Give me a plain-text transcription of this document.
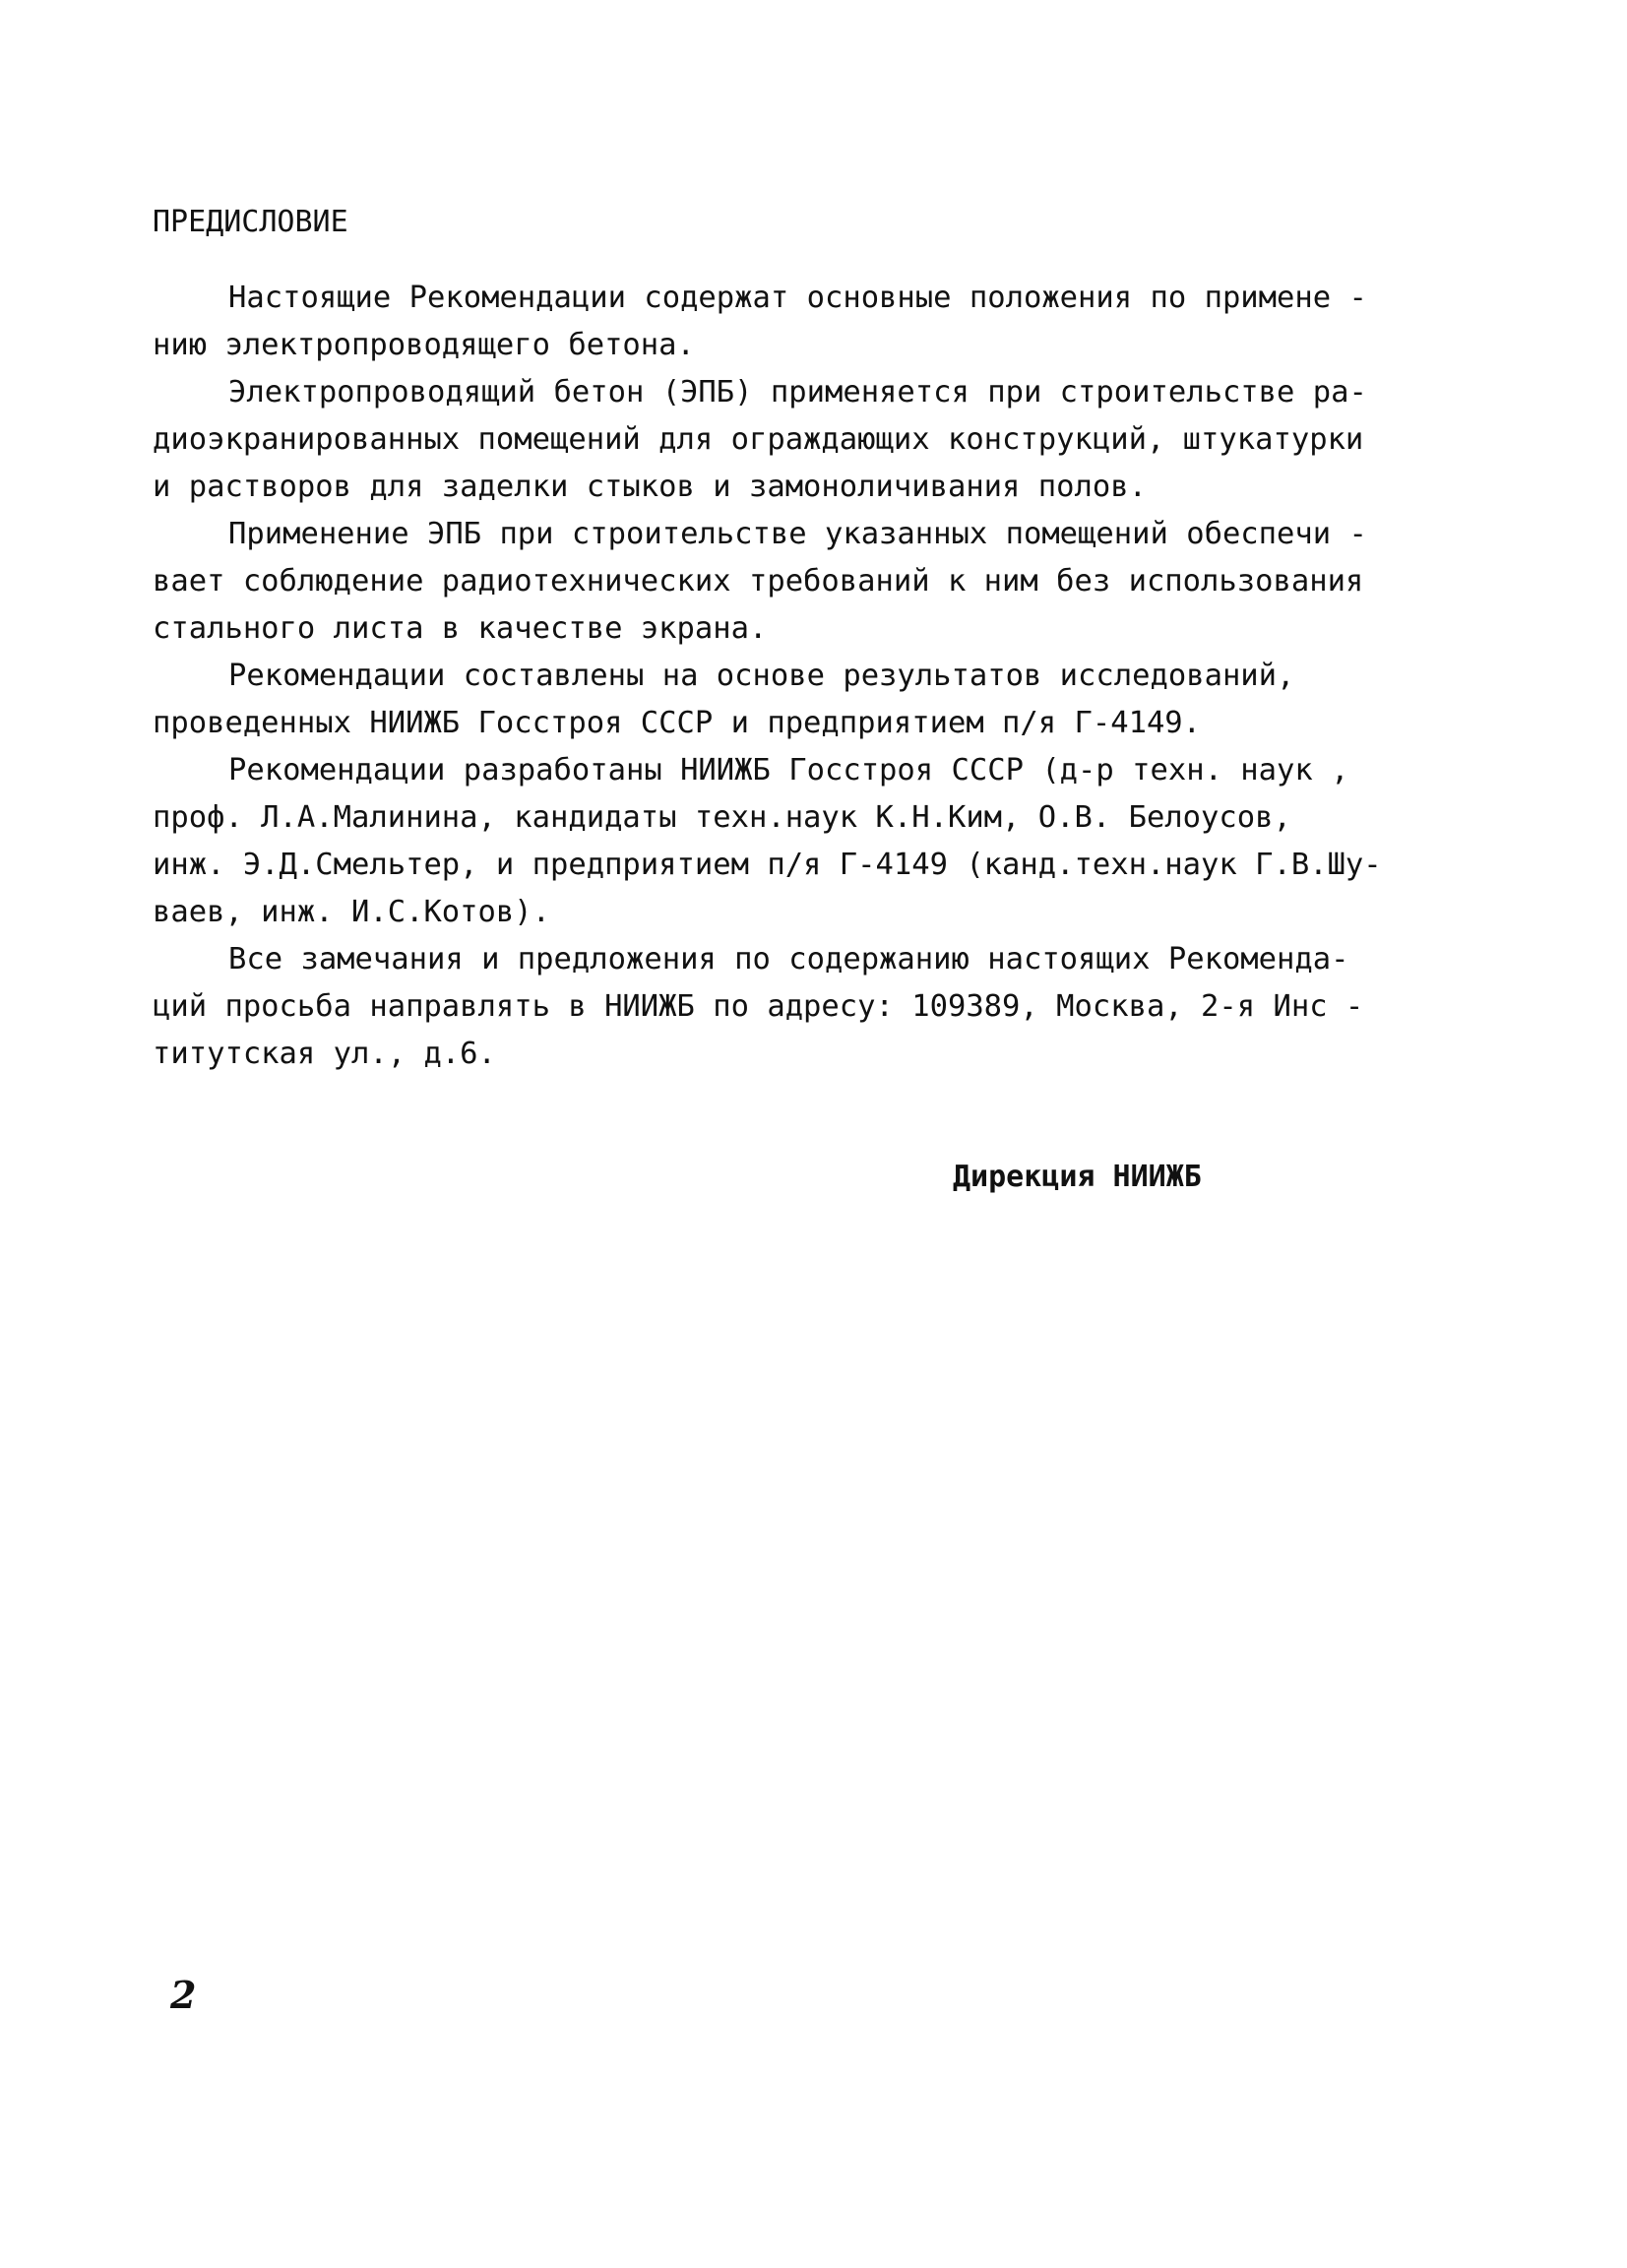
ПРЕДИСЛОВИЕ
Настоящие Рекомендации содержат основные положения по примене -
нию электропроводящего бетона.
Электропроводящий бетон (ЭПБ) применяется при строительстве ра-
диоэкранированных помещений для ограждающих конструкций, штукатурки
и растворов для заделки стыков и замоноличивания полов.
Применение ЭПБ при строительстве указанных помещений обеспечи -
вает соблюдение радиотехнических требований к ним без использования
стального листа в качестве экрана.
Рекомендации составлены на основе результатов исследований,
проведенных НИИЖБ Госстроя СССР и предприятием п/я Г-4149.
Рекомендации разработаны НИИЖБ Госстроя СССР (д-р техн. наук ,
проф. Л.А.Малинина, кандидаты техн.наук К.Н.Ким, О.В. Белоусов,
инж. Э.Д.Смельтер, и предприятием п/я Г-4149 (канд.техн.наук Г.В.Шу-
ваев, инж. И.С.Котов).
Все замечания и предложения по содержанию настоящих Рекоменда-
ций просьба направлять в НИИЖБ по адресу: 109389, Москва, 2-я Инс -
титутская ул., д.6.
Дирекция НИИЖБ
2
